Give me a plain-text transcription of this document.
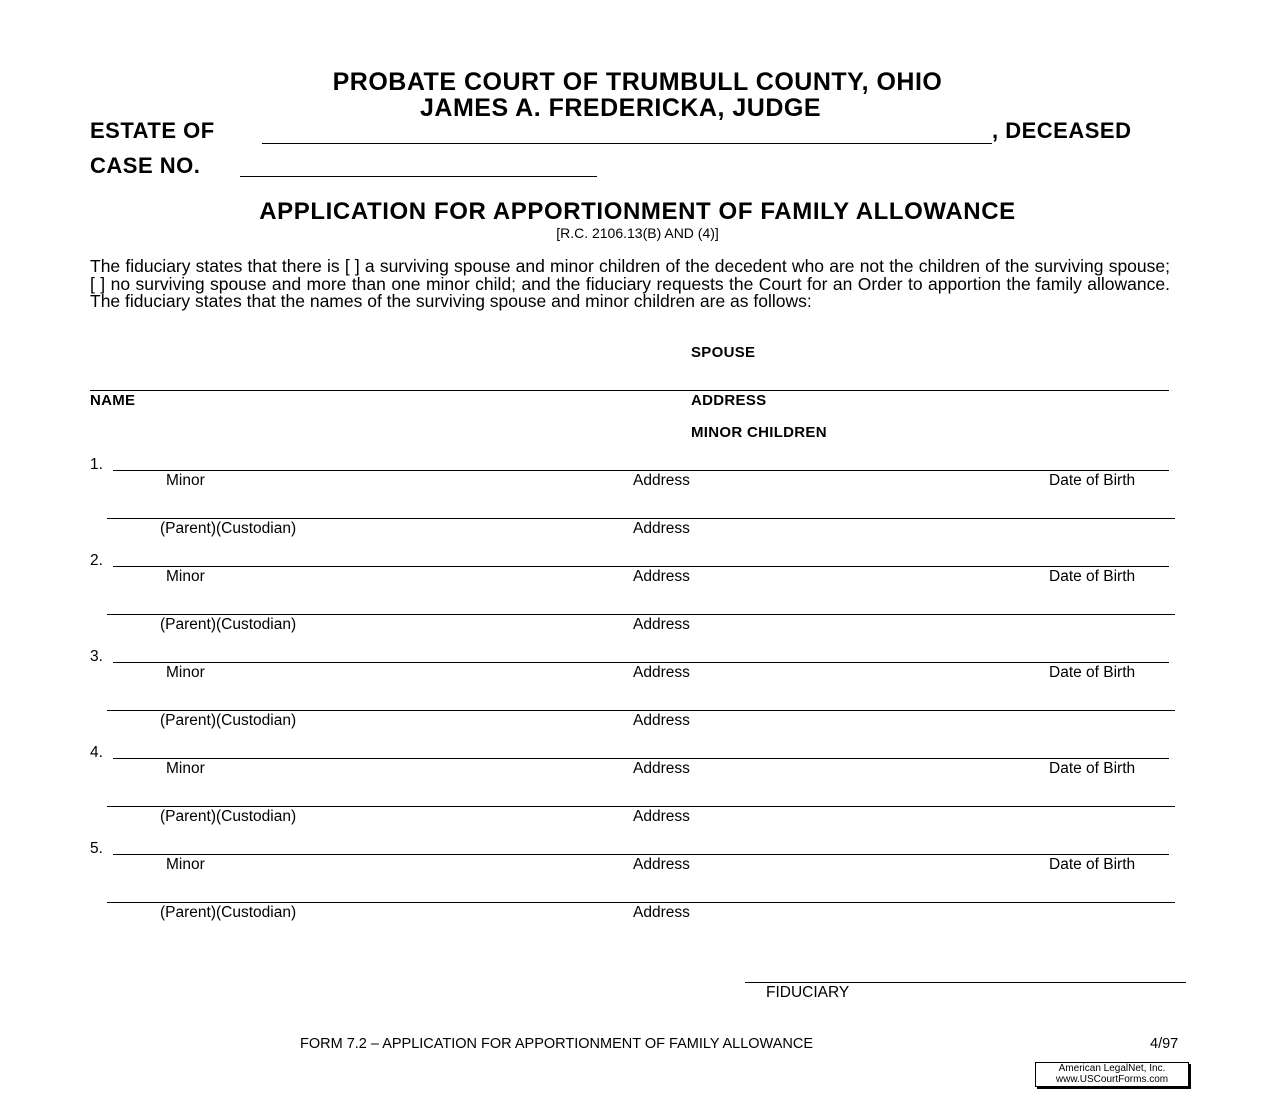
PROBATE COURT OF TRUMBULL COUNTY, OHIO
JAMES A. FREDERICKA, JUDGE
ESTATE OF	, DECEASED
CASE NO.
APPLICATION FOR APPORTIONMENT OF FAMILY ALLOWANCE
[R.C. 2106.13(B) AND (4)]
The fiduciary states that there is [ ] a surviving spouse and minor children of the decedent who are not the children of the surviving spouse; [ ] no surviving spouse and more than one minor child; and the fiduciary requests the Court for an Order to apportion the family allowance. The fiduciary states that the names of the surviving spouse and minor children are as follows:
SPOUSE
NAME	ADDRESS
MINOR CHILDREN
1.
Minor	Address	Date of Birth
(Parent)(Custodian)	Address
2.
Minor	Address	Date of Birth
(Parent)(Custodian)	Address
3.
Minor	Address	Date of Birth
(Parent)(Custodian)	Address
4.
Minor	Address	Date of Birth
(Parent)(Custodian)	Address
5.
Minor	Address	Date of Birth
(Parent)(Custodian)	Address
FIDUCIARY
FORM 7.2 – APPLICATION FOR APPORTIONMENT OF FAMILY ALLOWANCE	4/97
American LegalNet, Inc.
www.USCourtForms.com
